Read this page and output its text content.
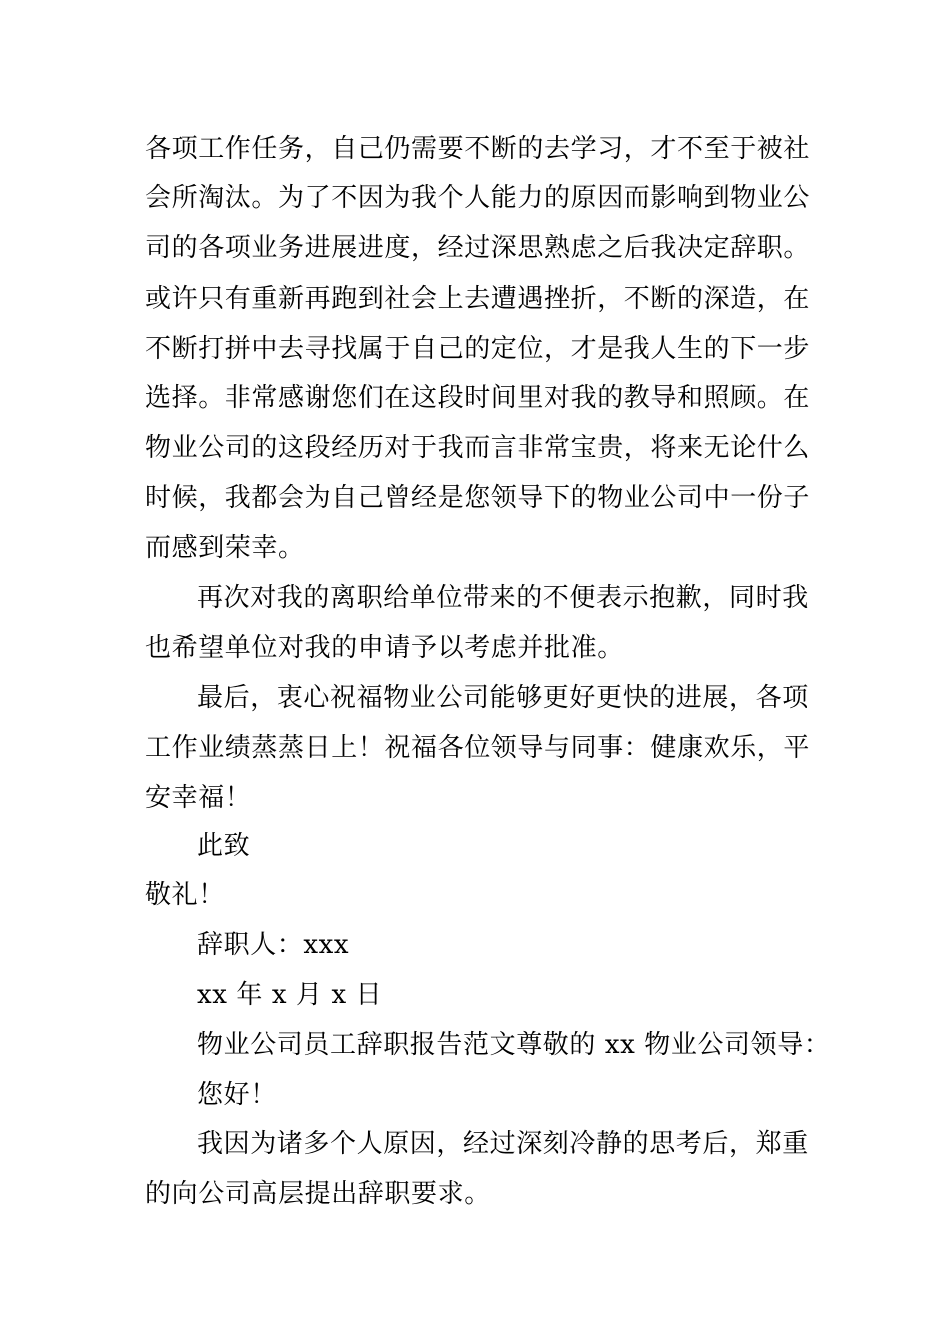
各项工作任务，自己仍需要不断的去学习，才不至于被社
会所淘汰。为了不因为我个人能力的原因而影响到物业公
司的各项业务进展进度，经过深思熟虑之后我决定辞职。
或许只有重新再跑到社会上去遭遇挫折，不断的深造，在
不断打拼中去寻找属于自己的定位，才是我人生的下一步
选择。非常感谢您们在这段时间里对我的教导和照顾。在
物业公司的这段经历对于我而言非常宝贵，将来无论什么
时候，我都会为自己曾经是您领导下的物业公司中一份子
而感到荣幸。
再次对我的离职给单位带来的不便表示抱歉，同时我
也希望单位对我的申请予以考虑并批准。
最后，衷心祝福物业公司能够更好更快的进展，各项
工作业绩蒸蒸日上！祝福各位领导与同事：健康欢乐，平
安幸福！
此致
敬礼！
辞职人：xxx
xx 年 x 月 x 日
物业公司员工辞职报告范文尊敬的 xx 物业公司领导：
您好！
我因为诸多个人原因，经过深刻冷静的思考后，郑重
的向公司高层提出辞职要求。
